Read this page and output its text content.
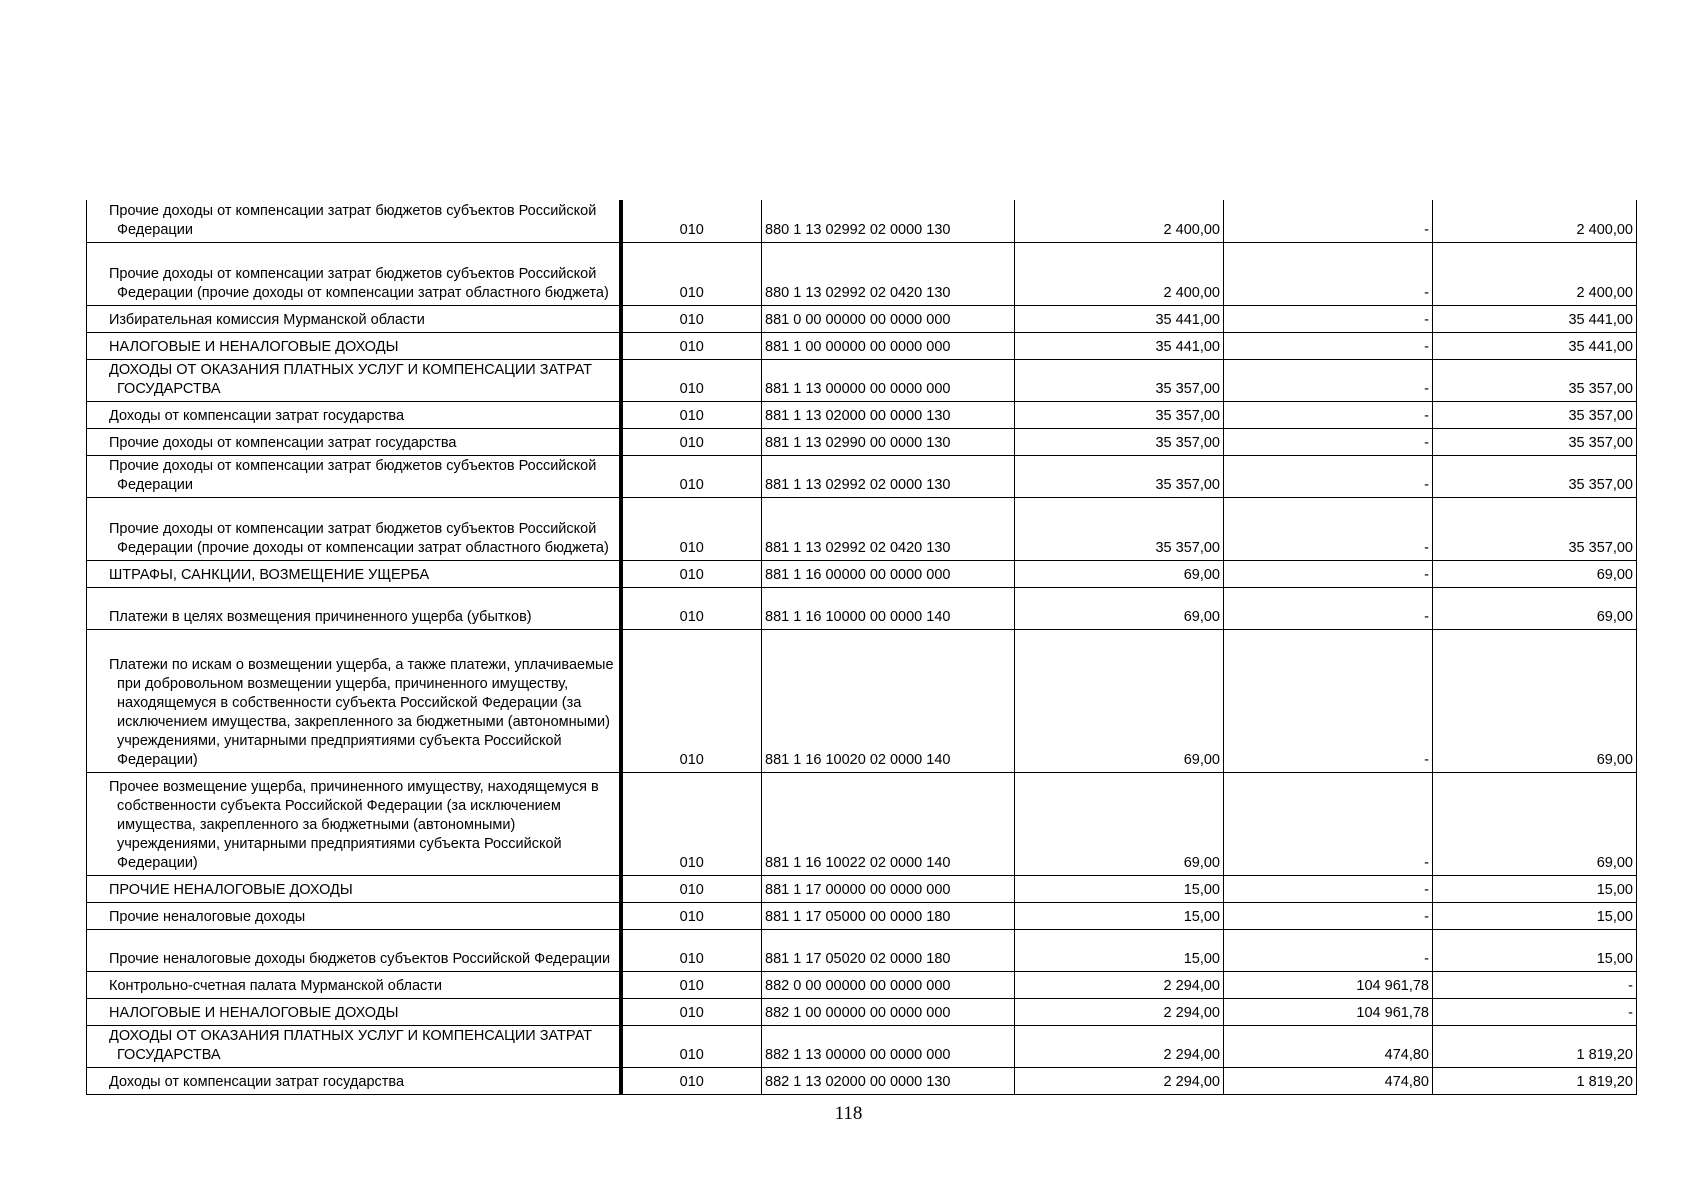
Прочие доходы от компенсации затрат бюджетов субъектов Российской Федерации	010	880 1 13 02992 02 0000 130	2 400,00	-	2 400,00
Прочие доходы от компенсации затрат бюджетов субъектов Российской Федерации (прочие доходы от компенсации затрат областного бюджета)	010	880 1 13 02992 02 0420 130	2 400,00	-	2 400,00
Избирательная комиссия Мурманской области	010	881 0 00 00000 00 0000 000	35 441,00	-	35 441,00
НАЛОГОВЫЕ И НЕНАЛОГОВЫЕ ДОХОДЫ	010	881 1 00 00000 00 0000 000	35 441,00	-	35 441,00
ДОХОДЫ ОТ ОКАЗАНИЯ ПЛАТНЫХ УСЛУГ И КОМПЕНСАЦИИ ЗАТРАТ ГОСУДАРСТВА	010	881 1 13 00000 00 0000 000	35 357,00	-	35 357,00
Доходы от компенсации затрат государства	010	881 1 13 02000 00 0000 130	35 357,00	-	35 357,00
Прочие доходы от компенсации затрат государства	010	881 1 13 02990 00 0000 130	35 357,00	-	35 357,00
Прочие доходы от компенсации затрат бюджетов субъектов Российской Федерации	010	881 1 13 02992 02 0000 130	35 357,00	-	35 357,00
Прочие доходы от компенсации затрат бюджетов субъектов Российской Федерации (прочие доходы от компенсации затрат областного бюджета)	010	881 1 13 02992 02 0420 130	35 357,00	-	35 357,00
ШТРАФЫ, САНКЦИИ, ВОЗМЕЩЕНИЕ УЩЕРБА	010	881 1 16 00000 00 0000 000	69,00	-	69,00
Платежи в целях возмещения причиненного ущерба (убытков)	010	881 1 16 10000 00 0000 140	69,00	-	69,00
Платежи по искам о возмещении ущерба, а также платежи, уплачиваемые при добровольном возмещении ущерба, причиненного имуществу, находящемуся в собственности субъекта Российской Федерации (за исключением имущества, закрепленного за бюджетными (автономными) учреждениями, унитарными предприятиями субъекта Российской Федерации)	010	881 1 16 10020 02 0000 140	69,00	-	69,00
Прочее возмещение ущерба, причиненного имуществу, находящемуся в собственности субъекта Российской Федерации (за исключением имущества, закрепленного за бюджетными (автономными) учреждениями, унитарными предприятиями субъекта Российской Федерации)	010	881 1 16 10022 02 0000 140	69,00	-	69,00
ПРОЧИЕ НЕНАЛОГОВЫЕ ДОХОДЫ	010	881 1 17 00000 00 0000 000	15,00	-	15,00
Прочие неналоговые доходы	010	881 1 17 05000 00 0000 180	15,00	-	15,00
Прочие неналоговые доходы бюджетов субъектов Российской Федерации	010	881 1 17 05020 02 0000 180	15,00	-	15,00
Контрольно-счетная палата Мурманской области	010	882 0 00 00000 00 0000 000	2 294,00	104 961,78	-
НАЛОГОВЫЕ И НЕНАЛОГОВЫЕ ДОХОДЫ	010	882 1 00 00000 00 0000 000	2 294,00	104 961,78	-
ДОХОДЫ ОТ ОКАЗАНИЯ ПЛАТНЫХ УСЛУГ И КОМПЕНСАЦИИ ЗАТРАТ ГОСУДАРСТВА	010	882 1 13 00000 00 0000 000	2 294,00	474,80	1 819,20
Доходы от компенсации затрат государства	010	882 1 13 02000 00 0000 130	2 294,00	474,80	1 819,20
118
